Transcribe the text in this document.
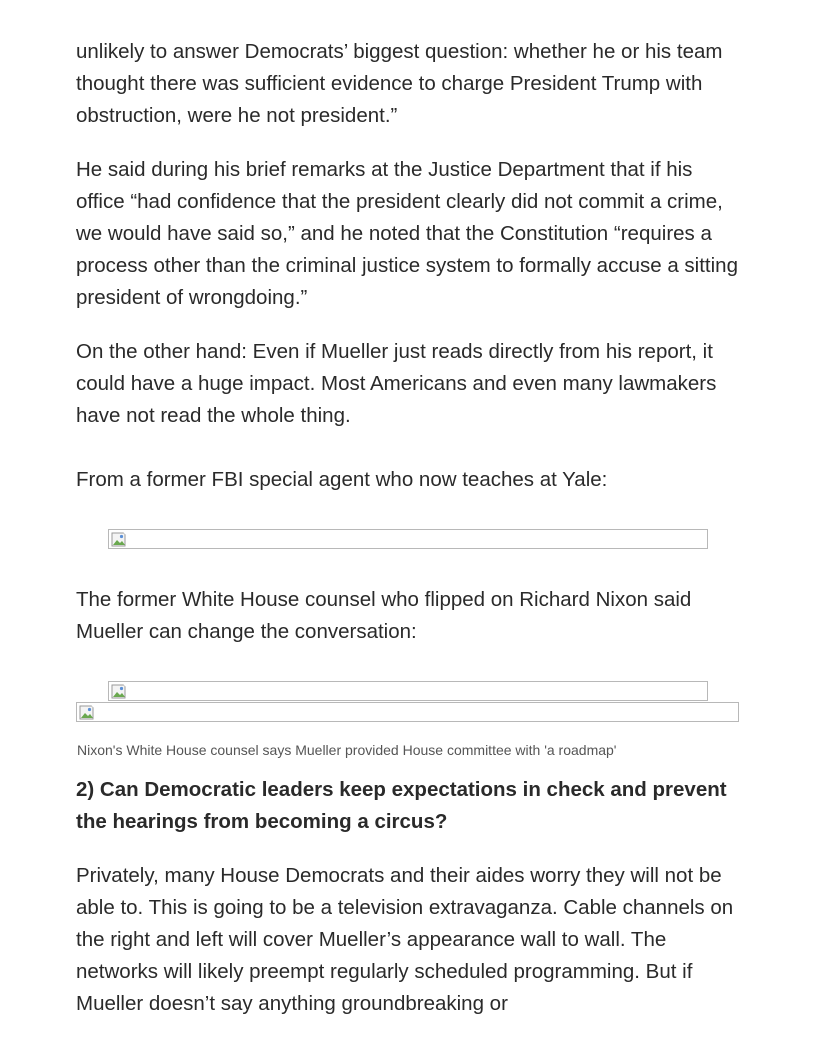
unlikely to answer Democrats’ biggest question: whether he or his team thought there was sufficient evidence to charge President Trump with obstruction, were he not president.”

He said during his brief remarks at the Justice Department that if his office “had confidence that the president clearly did not commit a crime, we would have said so,” and he noted that the Constitution “requires a process other than the criminal justice system to formally accuse a sitting president of wrongdoing.”

On the other hand: Even if Mueller just reads directly from his report, it could have a huge impact. Most Americans and even many lawmakers have not read the whole thing.

From a former FBI special agent who now teaches at Yale:

The former White House counsel who flipped on Richard Nixon said Mueller can change the conversation:

Nixon's White House counsel says Mueller provided House committee with 'a roadmap'

2) Can Democratic leaders keep expectations in check and prevent the hearings from becoming a circus?

Privately, many House Democrats and their aides worry they will not be able to. This is going to be a television extravaganza. Cable channels on the right and left will cover Mueller’s appearance wall to wall. The networks will likely preempt regularly scheduled programming. But if Mueller doesn’t say anything groundbreaking or
